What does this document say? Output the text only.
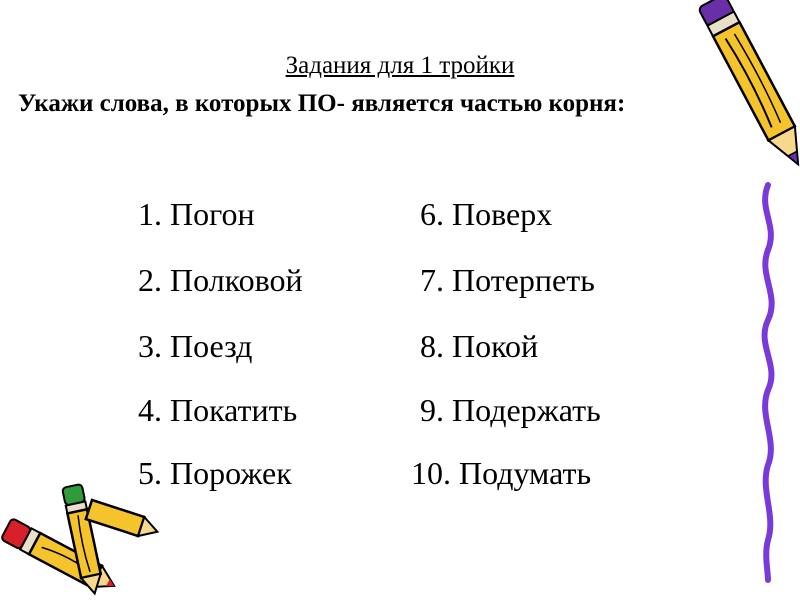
Задания для 1 тройки
Укажи слова, в которых ПО- является частью корня:
1. Погон
2. Полковой
3. Поезд
4. Покатить
5. Порожек
6. Поверх
7. Потерпеть
8. Покой
9. Подержать
10. Подумать
